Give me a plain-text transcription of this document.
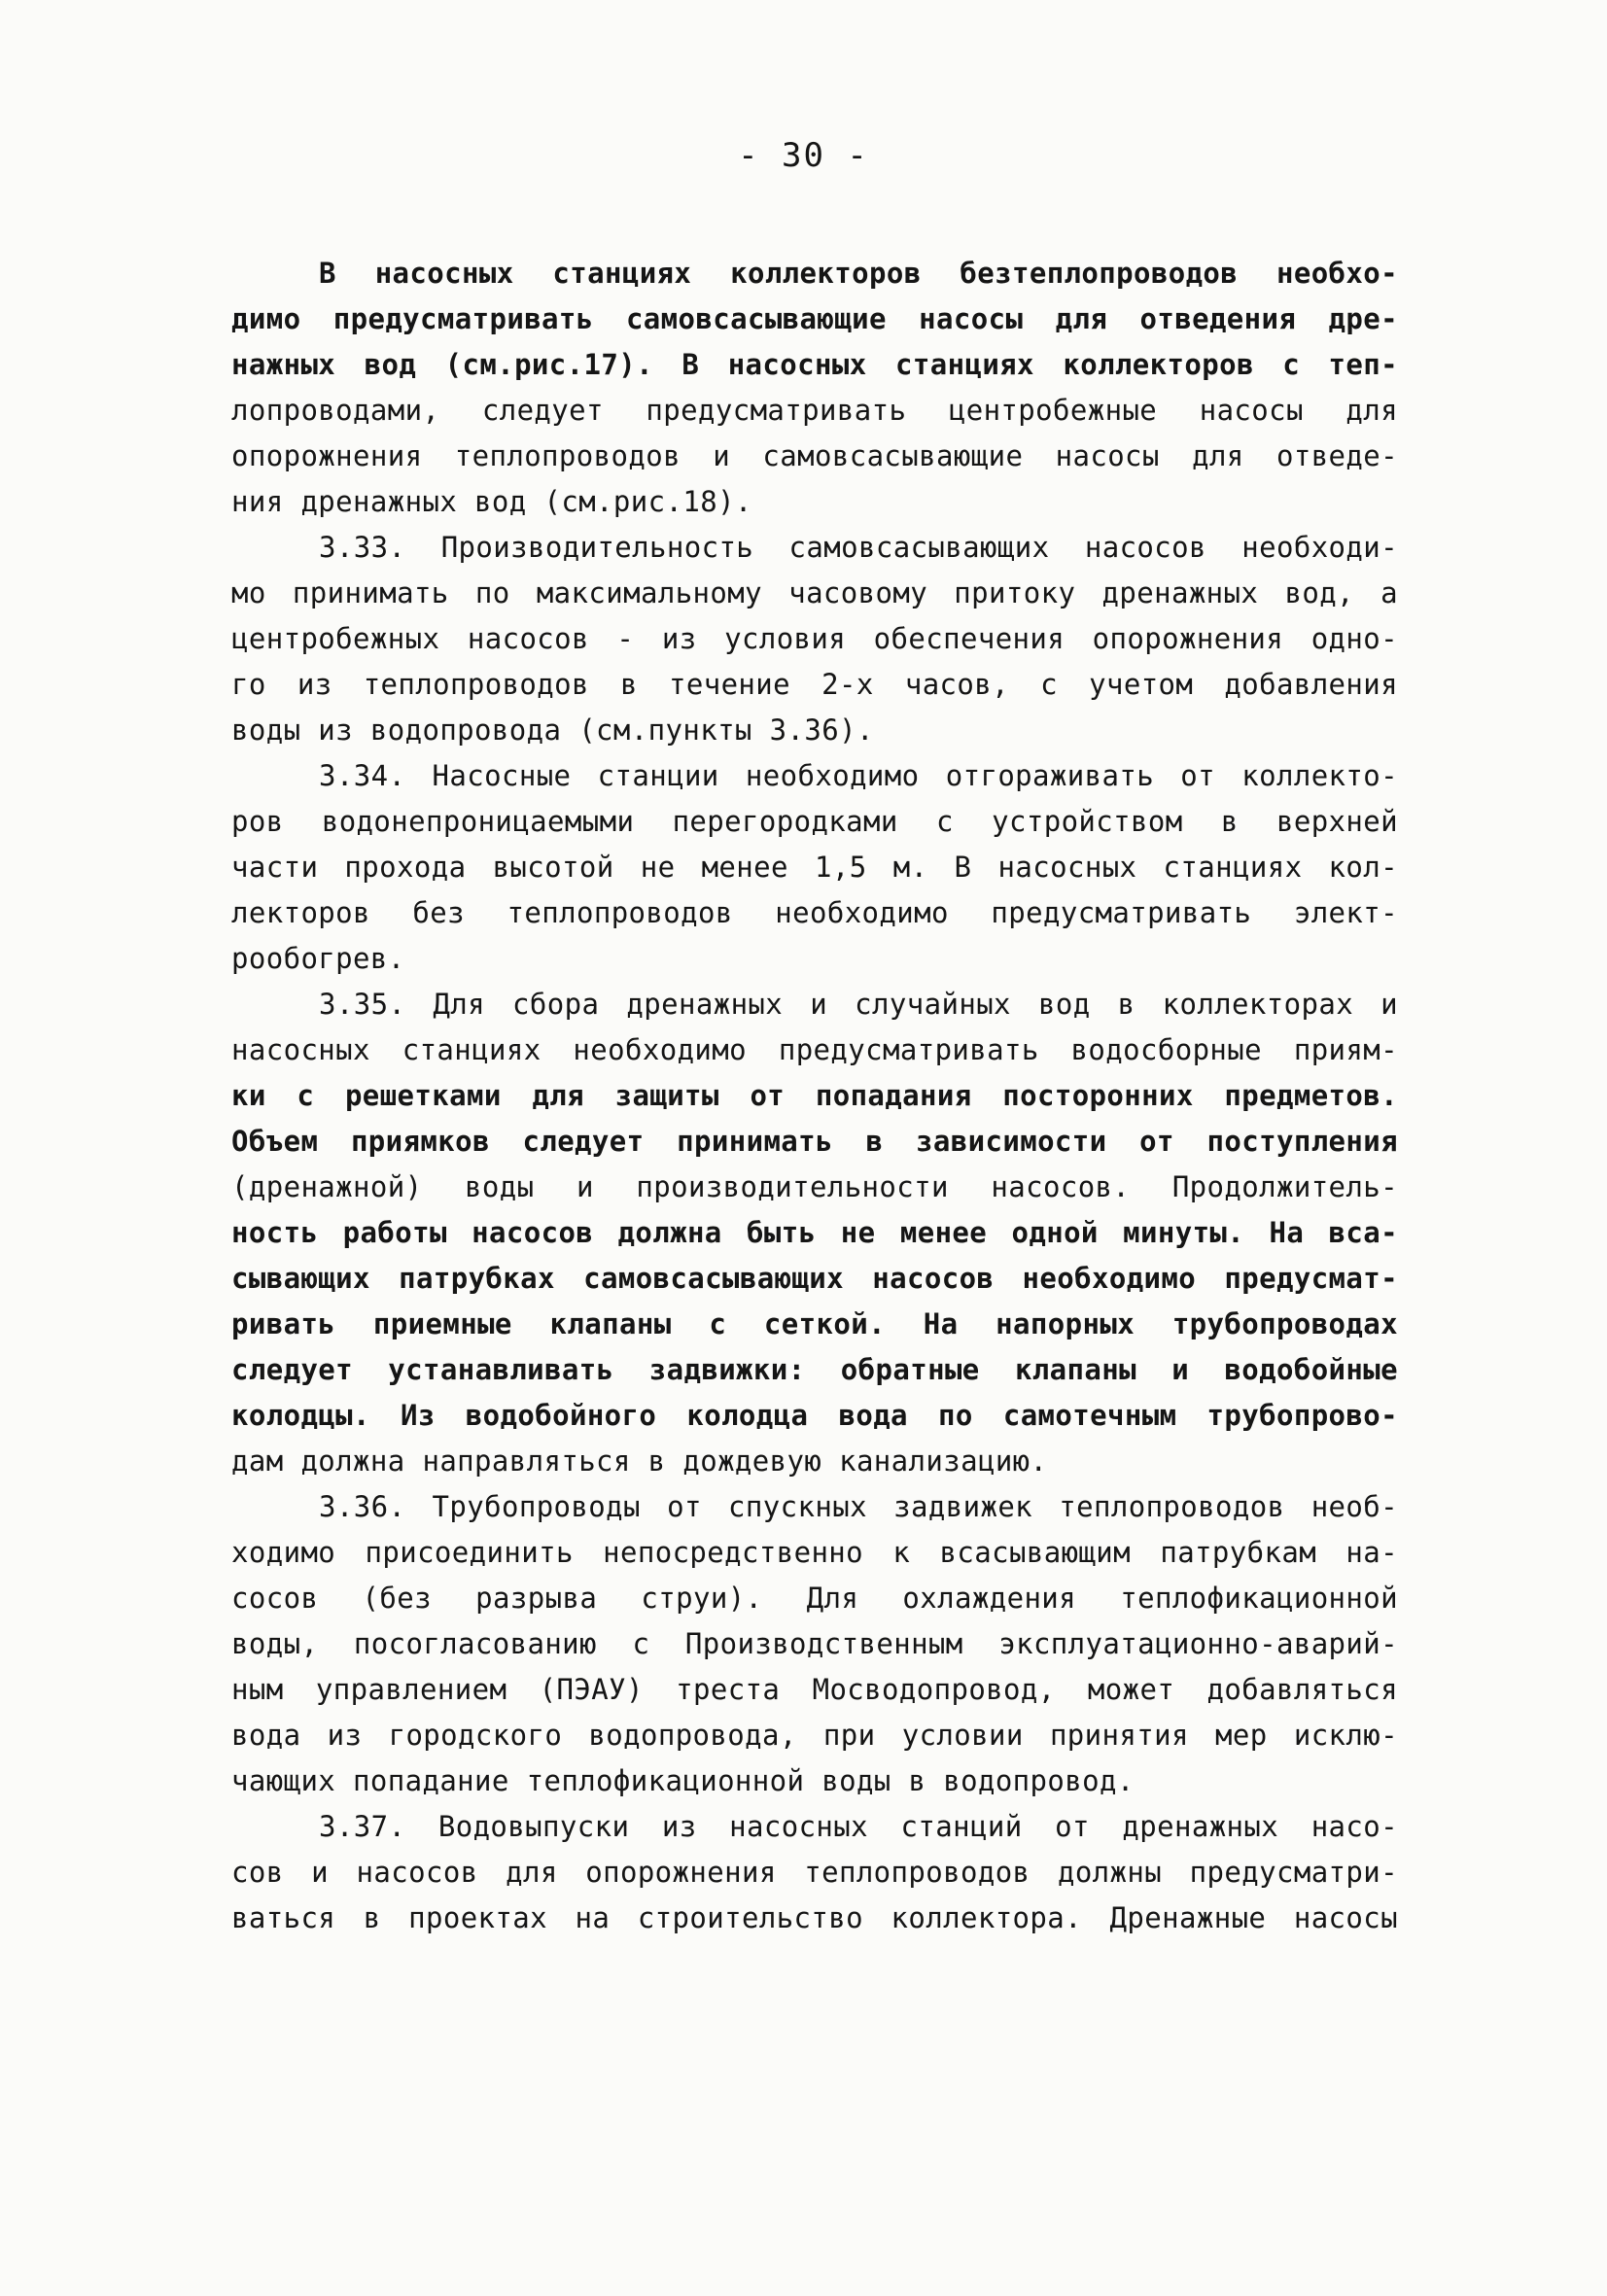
- 30 -
В насосных станциях коллекторов безтеплопроводов необхо-
димо предусматривать самовсасывающие насосы для отведения дре-
нажных вод (см.рис.17). В насосных станциях коллекторов с теп-
лопроводами, следует предусматривать центробежные насосы для
опорожнения теплопроводов и самовсасывающие насосы для отведе-
ния дренажных вод (см.рис.18).
3.33. Производительность самовсасывающих насосов необходи-
мо принимать по максимальному часовому притоку дренажных вод, а
центробежных насосов - из условия обеспечения опорожнения одно-
го из теплопроводов в течение 2-х часов, с учетом добавления
воды из водопровода (см.пункты 3.36).
3.34. Насосные станции необходимо отгораживать от коллекто-
ров водонепроницаемыми перегородками с устройством в верхней
части прохода высотой не менее 1,5 м. В насосных станциях кол-
лекторов без теплопроводов необходимо предусматривать элект-
рообогрев.
3.35. Для сбора дренажных и случайных вод в коллекторах и
насосных станциях необходимо предусматривать водосборные приям-
ки с решетками для защиты от попадания посторонних предметов.
Объем приямков следует принимать в зависимости от поступления
(дренажной) воды и производительности насосов. Продолжитель-
ность работы насосов должна быть не менее одной минуты. На вса-
сывающих патрубках самовсасывающих насосов необходимо предусмат-
ривать приемные клапаны с сеткой. На напорных трубопроводах
следует устанавливать задвижки: обратные клапаны и водобойные
колодцы. Из водобойного колодца вода по самотечным трубопрово-
дам должна направляться в дождевую канализацию.
3.36. Трубопроводы от спускных задвижек теплопроводов необ-
ходимо присоединить непосредственно к всасывающим патрубкам на-
сосов (без разрыва струи). Для охлаждения теплофикационной
воды, посогласованию с Производственным эксплуатационно-аварий-
ным управлением (ПЭАУ) треста Мосводопровод, может добавляться
вода из городского водопровода, при условии принятия мер исклю-
чающих попадание теплофикационной воды в водопровод.
3.37. Водовыпуски из насосных станций от дренажных насо-
сов и насосов для опорожнения теплопроводов должны предусматри-
ваться в проектах на строительство коллектора. Дренажные насосы
